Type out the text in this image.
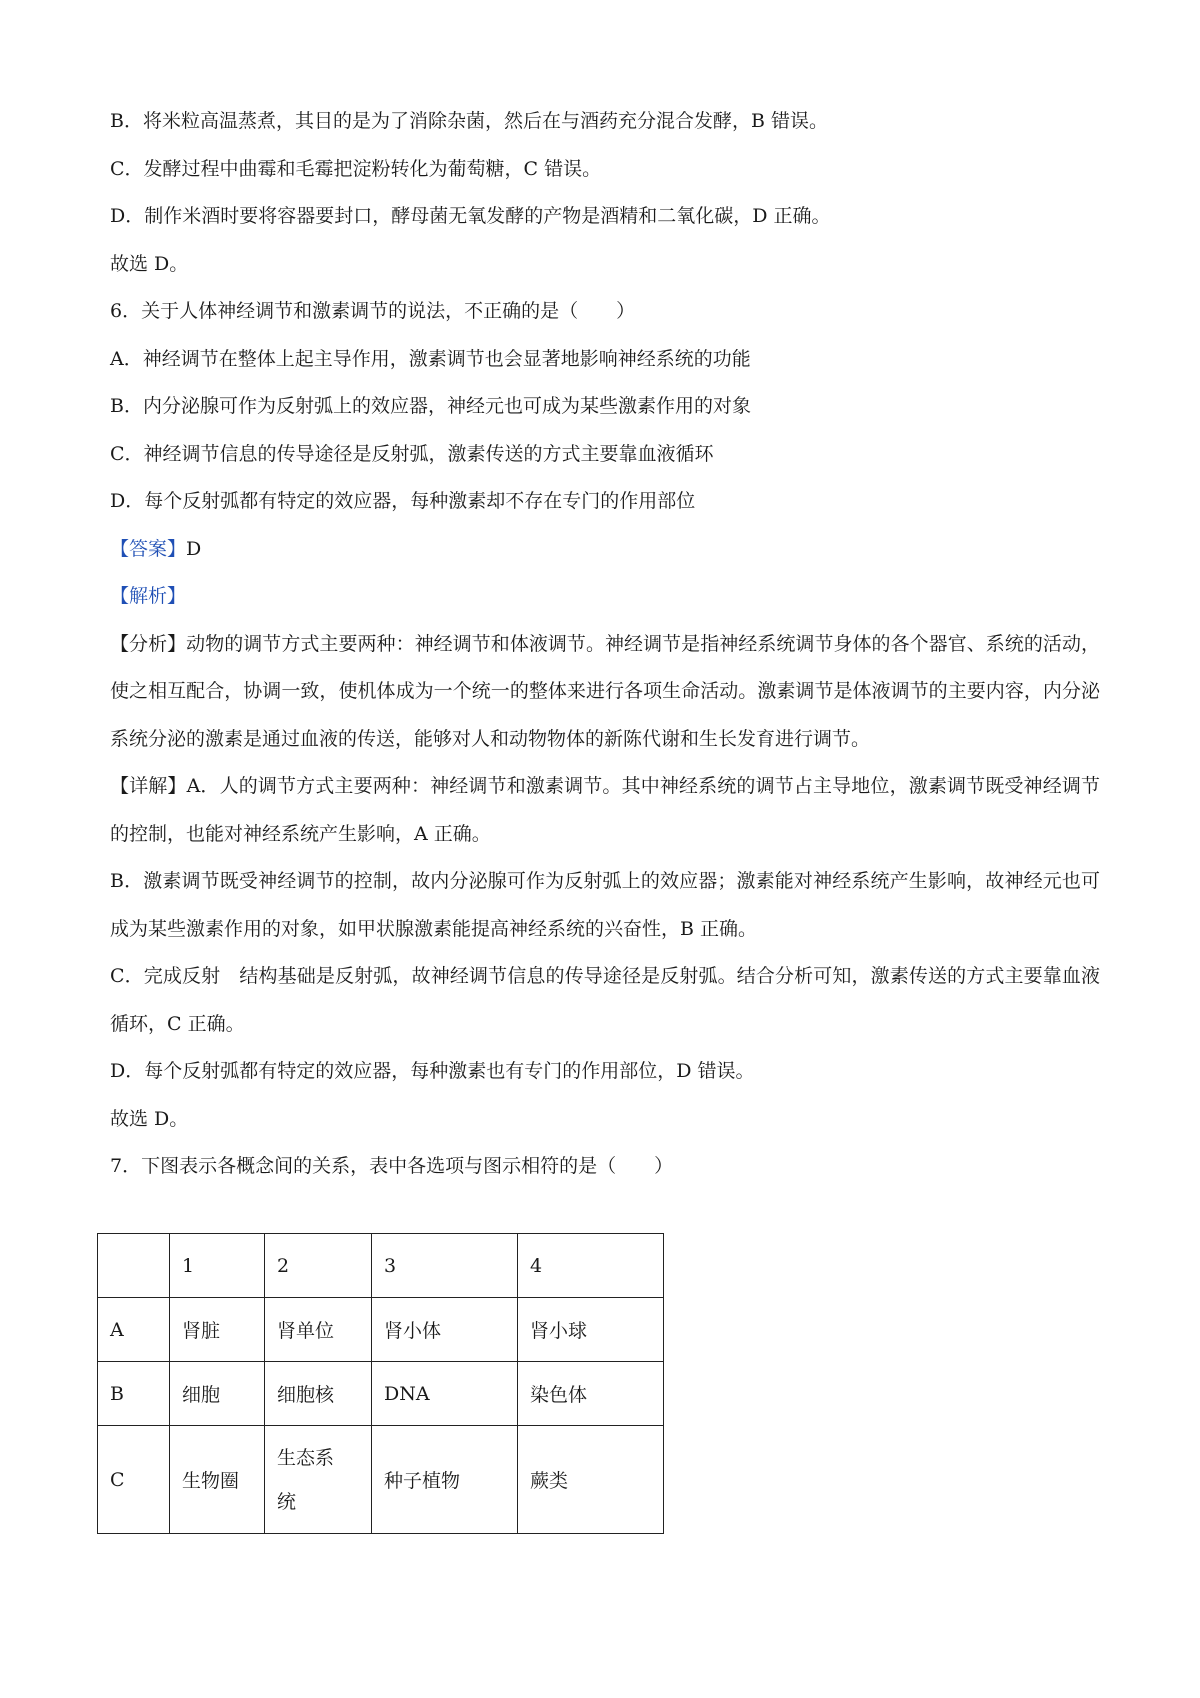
B．将米粒高温蒸煮，其目的是为了消除杂菌，然后在与酒药充分混合发酵，B 错误。
C．发酵过程中曲霉和毛霉把淀粉转化为葡萄糖，C 错误。
D．制作米酒时要将容器要封口，酵母菌无氧发酵的产物是酒精和二氧化碳，D 正确。
故选 D。
6．关于人体神经调节和激素调节的说法，不正确的是（　　）
A．神经调节在整体上起主导作用，激素调节也会显著地影响神经系统的功能
B．内分泌腺可作为反射弧上的效应器，神经元也可成为某些激素作用的对象
C．神经调节信息的传导途径是反射弧，激素传送的方式主要靠血液循环
D．每个反射弧都有特定的效应器，每种激素却不存在专门的作用部位
【答案】D
【解析】
【分析】动物的调节方式主要两种：神经调节和体液调节。神经调节是指神经系统调节身体的各个器官、系统的活动，使之相互配合，协调一致，使机体成为一个统一的整体来进行各项生命活动。激素调节是体液调节的主要内容，内分泌系统分泌的激素是通过血液的传送，能够对人和动物物体的新陈代谢和生长发育进行调节。
【详解】A．人的调节方式主要两种：神经调节和激素调节。其中神经系统的调节占主导地位，激素调节既受神经调节的控制，也能对神经系统产生影响，A 正确。
B．激素调节既受神经调节的控制，故内分泌腺可作为反射弧上的效应器；激素能对神经系统产生影响，故神经元也可成为某些激素作用的对象，如甲状腺激素能提高神经系统的兴奋性，B 正确。
C．完成反射　结构基础是反射弧，故神经调节信息的传导途径是反射弧。结合分析可知，激素传送的方式主要靠血液循环，C 正确。
D．每个反射弧都有特定的效应器，每种激素也有专门的作用部位，D 错误。
故选 D。
7．下图表示各概念间的关系，表中各选项与图示相符的是（　　）
	1	2	3	4
A	肾脏	肾单位	肾小体	肾小球
B	细胞	细胞核	DNA	染色体
C	生物圈	生态系统	种子植物	蕨类
